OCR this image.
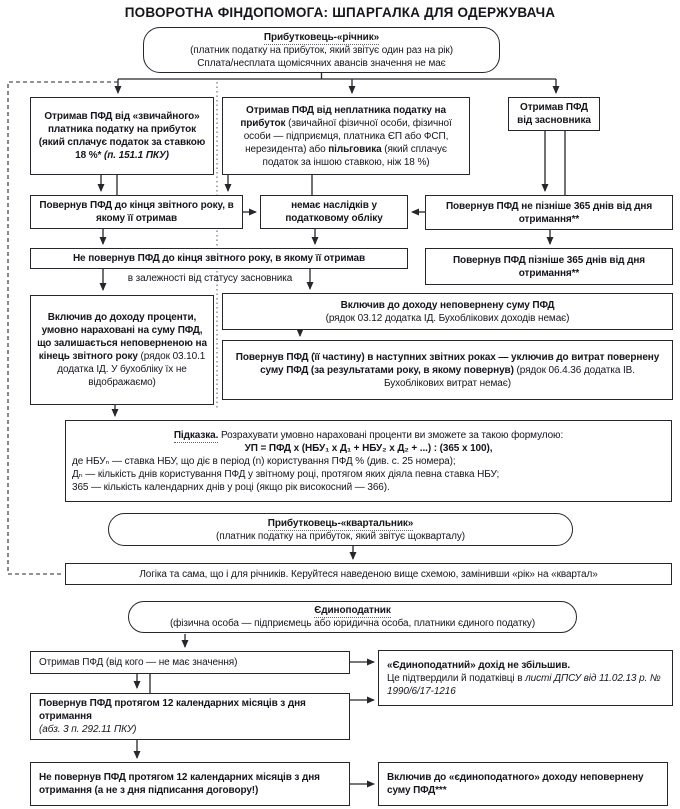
ПОВОРОТНА ФІНДОПОМОГА: ШПАРГАЛКА ДЛЯ ОДЕРЖУВАЧА
Прибутковець-«річник»
(платник податку на прибуток, який звітує один раз на рік)
Сплата/несплата щомісячних авансів значення не має
Отримав ПФД від «звичайного» платника податку на прибуток
(який сплачує податок за ставкою 18 %* (п. 151.1 ПКУ)
Отримав ПФД від неплатника податку на прибуток (звичайної фізичної особи, фізичної особи — підприємця, платника ЄП або ФСП, нерезидента) або пільговика (який сплачує податок за іншою ставкою, ніж 18 %)
Отримав ПФД від засновника
Повернув ПФД до кінця звітного року, в якому її отримав
немає наслідків у податковому обліку
Повернув ПФД не пізніше 365 днів від дня отримання**
Повернув ПФД пізніше 365 днів від дня отримання**
Не повернув ПФД до кінця звітного року, в якому її отримав
в залежності від статусу засновника
Включив до доходу проценти, умовно нараховані на суму ПФД, що залишається неповерненою на кінець звітного року (рядок 03.10.1 додатка ІД. У бухобліку їх не відображаємо)
Включив до доходу неповернену суму ПФД
(рядок 03.12 додатка ІД. Бухоблікових доходів немає)
Повернув ПФД (її частину) в наступних звітних роках — уключив до витрат повернену суму ПФД (за результатами року, в якому повернув) (рядок 06.4.36 додатка ІВ. Бухоблікових витрат немає)
Підказка. Розрахувати умовно нараховані проценти ви зможете за такою формулою:
УП = ПФД х (НБУ₁ х Д₁ + НБУ₂ х Д₂ + ...) : (365 х 100),
де НБУₙ — ставка НБУ, що діє в період (n) користування ПФД % (див. с. 25 номера);
Дₙ — кількість днів користування ПФД у звітному році, протягом яких діяла певна ставка НБУ;
365 — кількість календарних днів у році (якщо рік високосний — 366).
Прибутковець-«квартальник»
(платник податку на прибуток, який звітує щокварталу)
Логіка та сама, що і для річників. Керуйтеся наведеною вище схемою, замінивши «рік» на «квартал»
Єдиноподатник
(фізична особа — підприємець або юридична особа, платники єдиного податку)
Отримав ПФД (від кого — не має значення)	«Єдиноподатний» дохід не збільшив.
Це підтвердили й податківці в листі ДПСУ від 11.02.13 р. № 1990/6/17-1216
Повернув ПФД протягом 12 календарних місяців з дня отримання
(абз. 3 п. 292.11 ПКУ)
Не повернув ПФД протягом 12 календарних місяців з дня отримання (а не з дня підписання договору!)
Включив до «єдиноподатного» доходу неповернену суму ПФД***
